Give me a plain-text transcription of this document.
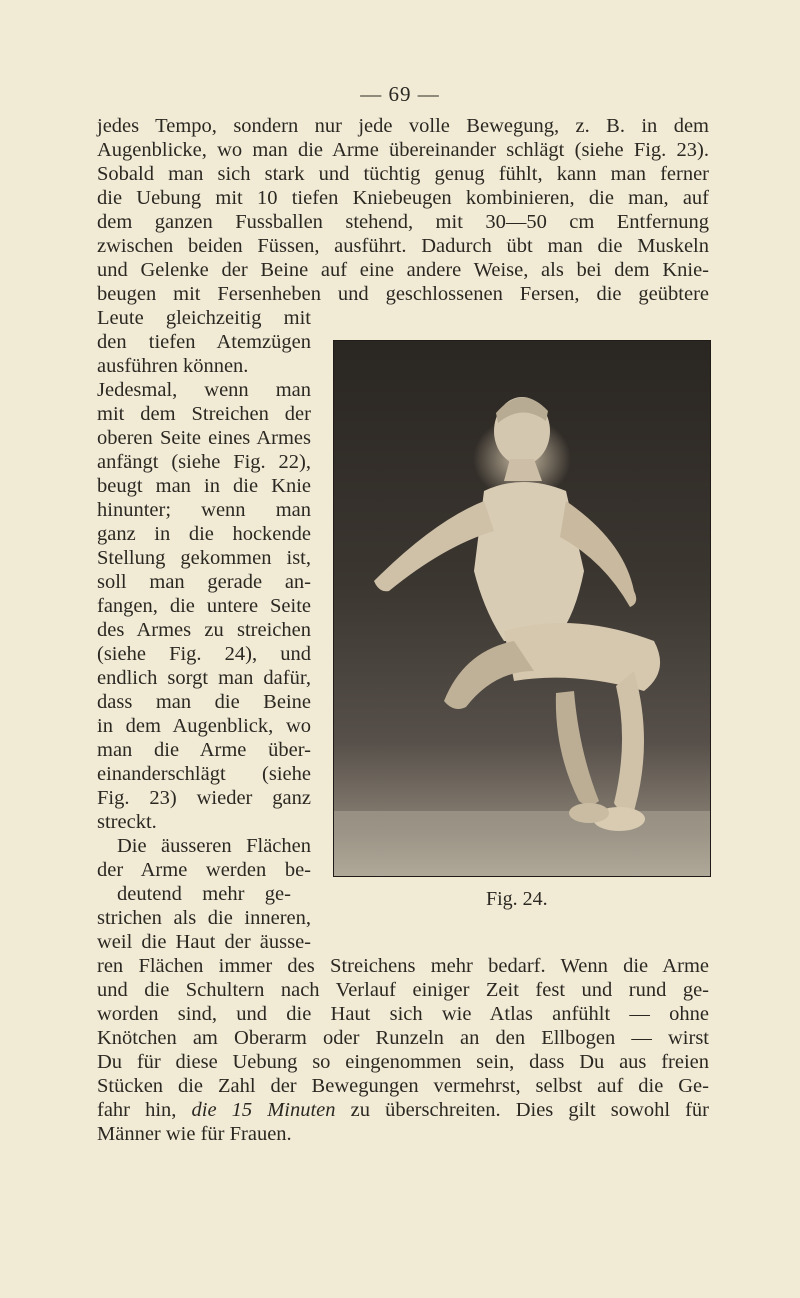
— 69 —
jedes Tempo, sondern nur jede volle Bewegung, z. B. in dem
Augenblicke, wo man die Arme übereinander schlägt (siehe Fig. 23).
Sobald man sich stark und tüchtig genug fühlt, kann man ferner
die Uebung mit 10 tiefen Kniebeugen kombinieren, die man, auf
dem ganzen Fussballen stehend, mit 30—50 cm Entfernung
zwischen beiden Füssen, ausführt. Dadurch übt man die Muskeln
und Gelenke der Beine auf eine andere Weise, als bei dem Knie-
beugen mit Fersenheben und geschlossenen Fersen, die geübtere
Leute gleichzeitig mit
den tiefen Atemzügen
ausführen können.
Jedesmal, wenn man
mit dem Streichen der
oberen Seite eines Armes
anfängt (siehe Fig. 22),
beugt man in die Knie
hinunter; wenn man
ganz in die hockende
Stellung gekommen ist,
soll man gerade an-
fangen, die untere Seite
des Armes zu streichen
(siehe Fig. 24), und
endlich sorgt man dafür,
dass man die Beine
in dem Augenblick, wo
man die Arme über-
einanderschlägt (siehe
Fig. 23) wieder ganz
streckt.
Die äusseren Flächen
der Arme werden be-
deutend mehr ge-
strichen als die inneren,
weil die Haut der äusse-
Fig. 24.
ren Flächen immer des Streichens mehr bedarf. Wenn die Arme
und die Schultern nach Verlauf einiger Zeit fest und rund ge-
worden sind, und die Haut sich wie Atlas anfühlt — ohne
Knötchen am Oberarm oder Runzeln an den Ellbogen — wirst
Du für diese Uebung so eingenommen sein, dass Du aus freien
Stücken die Zahl der Bewegungen vermehrst, selbst auf die Ge-
fahr hin, die 15 Minuten zu überschreiten. Dies gilt sowohl für
Männer wie für Frauen.
